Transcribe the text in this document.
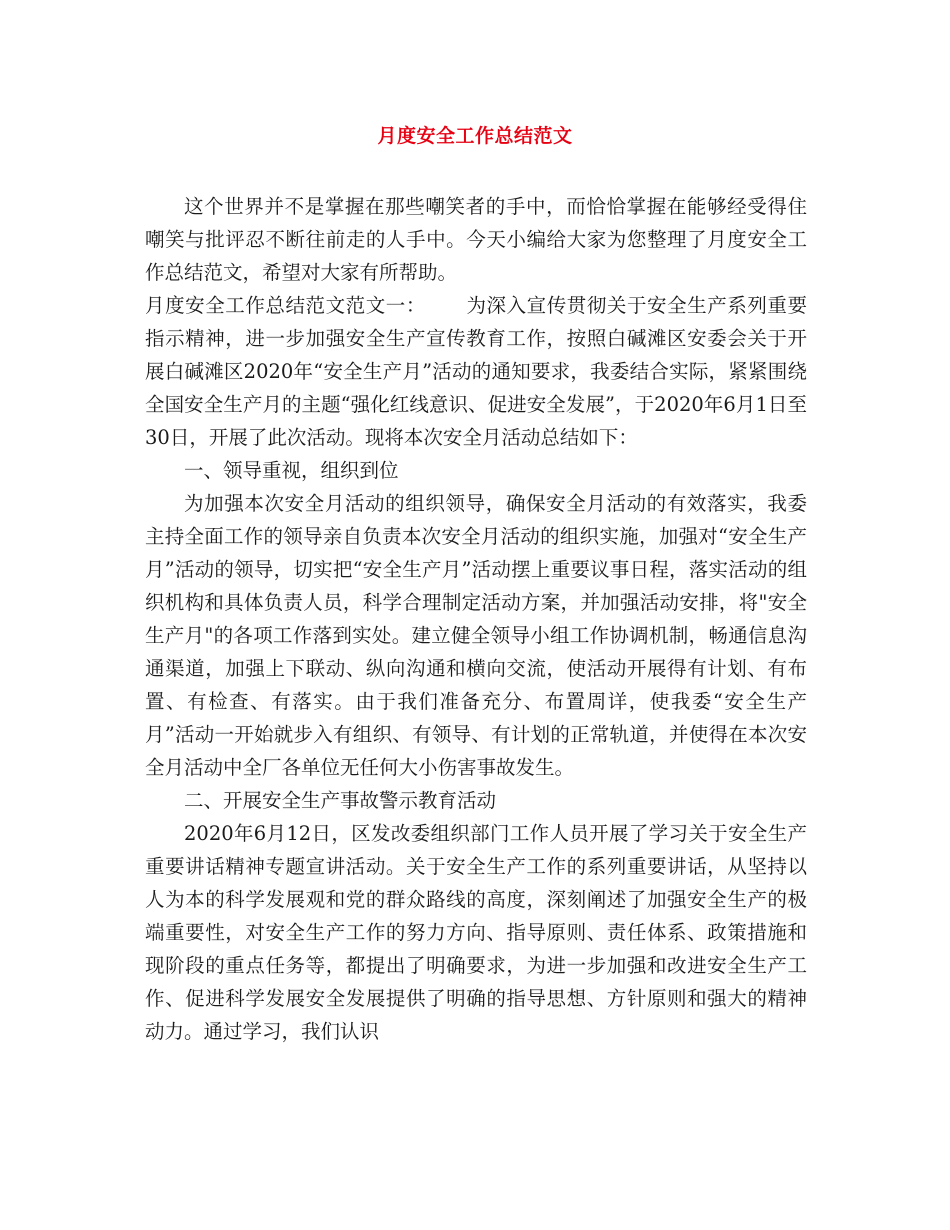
月度安全工作总结范文

这个世界并不是掌握在那些嘲笑者的手中，而恰恰掌握在能够经受得住嘲笑与批评忍不断往前走的人手中。今天小编给大家为您整理了月度安全工作总结范文，希望对大家有所帮助。

月度安全工作总结范文范文一： 为深入宣传贯彻关于安全生产系列重要指示精神，进一步加强安全生产宣传教育工作，按照白碱滩区安委会关于开展白碱滩区2020年“安全生产月”活动的通知要求，我委结合实际，紧紧围绕全国安全生产月的主题“强化红线意识、促进安全发展”，于2020年6月1日至30日，开展了此次活动。现将本次安全月活动总结如下：

一、领导重视，组织到位

为加强本次安全月活动的组织领导，确保安全月活动的有效落实，我委主持全面工作的领导亲自负责本次安全月活动的组织实施，加强对“安全生产月”活动的领导，切实把“安全生产月”活动摆上重要议事日程，落实活动的组织机构和具体负责人员，科学合理制定活动方案，并加强活动安排，将"安全生产月"的各项工作落到实处。建立健全领导小组工作协调机制，畅通信息沟通渠道，加强上下联动、纵向沟通和横向交流，使活动开展得有计划、有布置、有检查、有落实。由于我们准备充分、布置周详，使我委“安全生产月”活动一开始就步入有组织、有领导、有计划的正常轨道，并使得在本次安全月活动中全厂各单位无任何大小伤害事故发生。

二、开展安全生产事故警示教育活动

2020年6月12日，区发改委组织部门工作人员开展了学习关于安全生产重要讲话精神专题宣讲活动。关于安全生产工作的系列重要讲话，从坚持以人为本的科学发展观和党的群众路线的高度，深刻阐述了加强安全生产的极端重要性，对安全生产工作的努力方向、指导原则、责任体系、政策措施和现阶段的重点任务等，都提出了明确要求，为进一步加强和改进安全生产工作、促进科学发展安全发展提供了明确的指导思想、方针原则和强大的精神动力。通过学习，我们认识
